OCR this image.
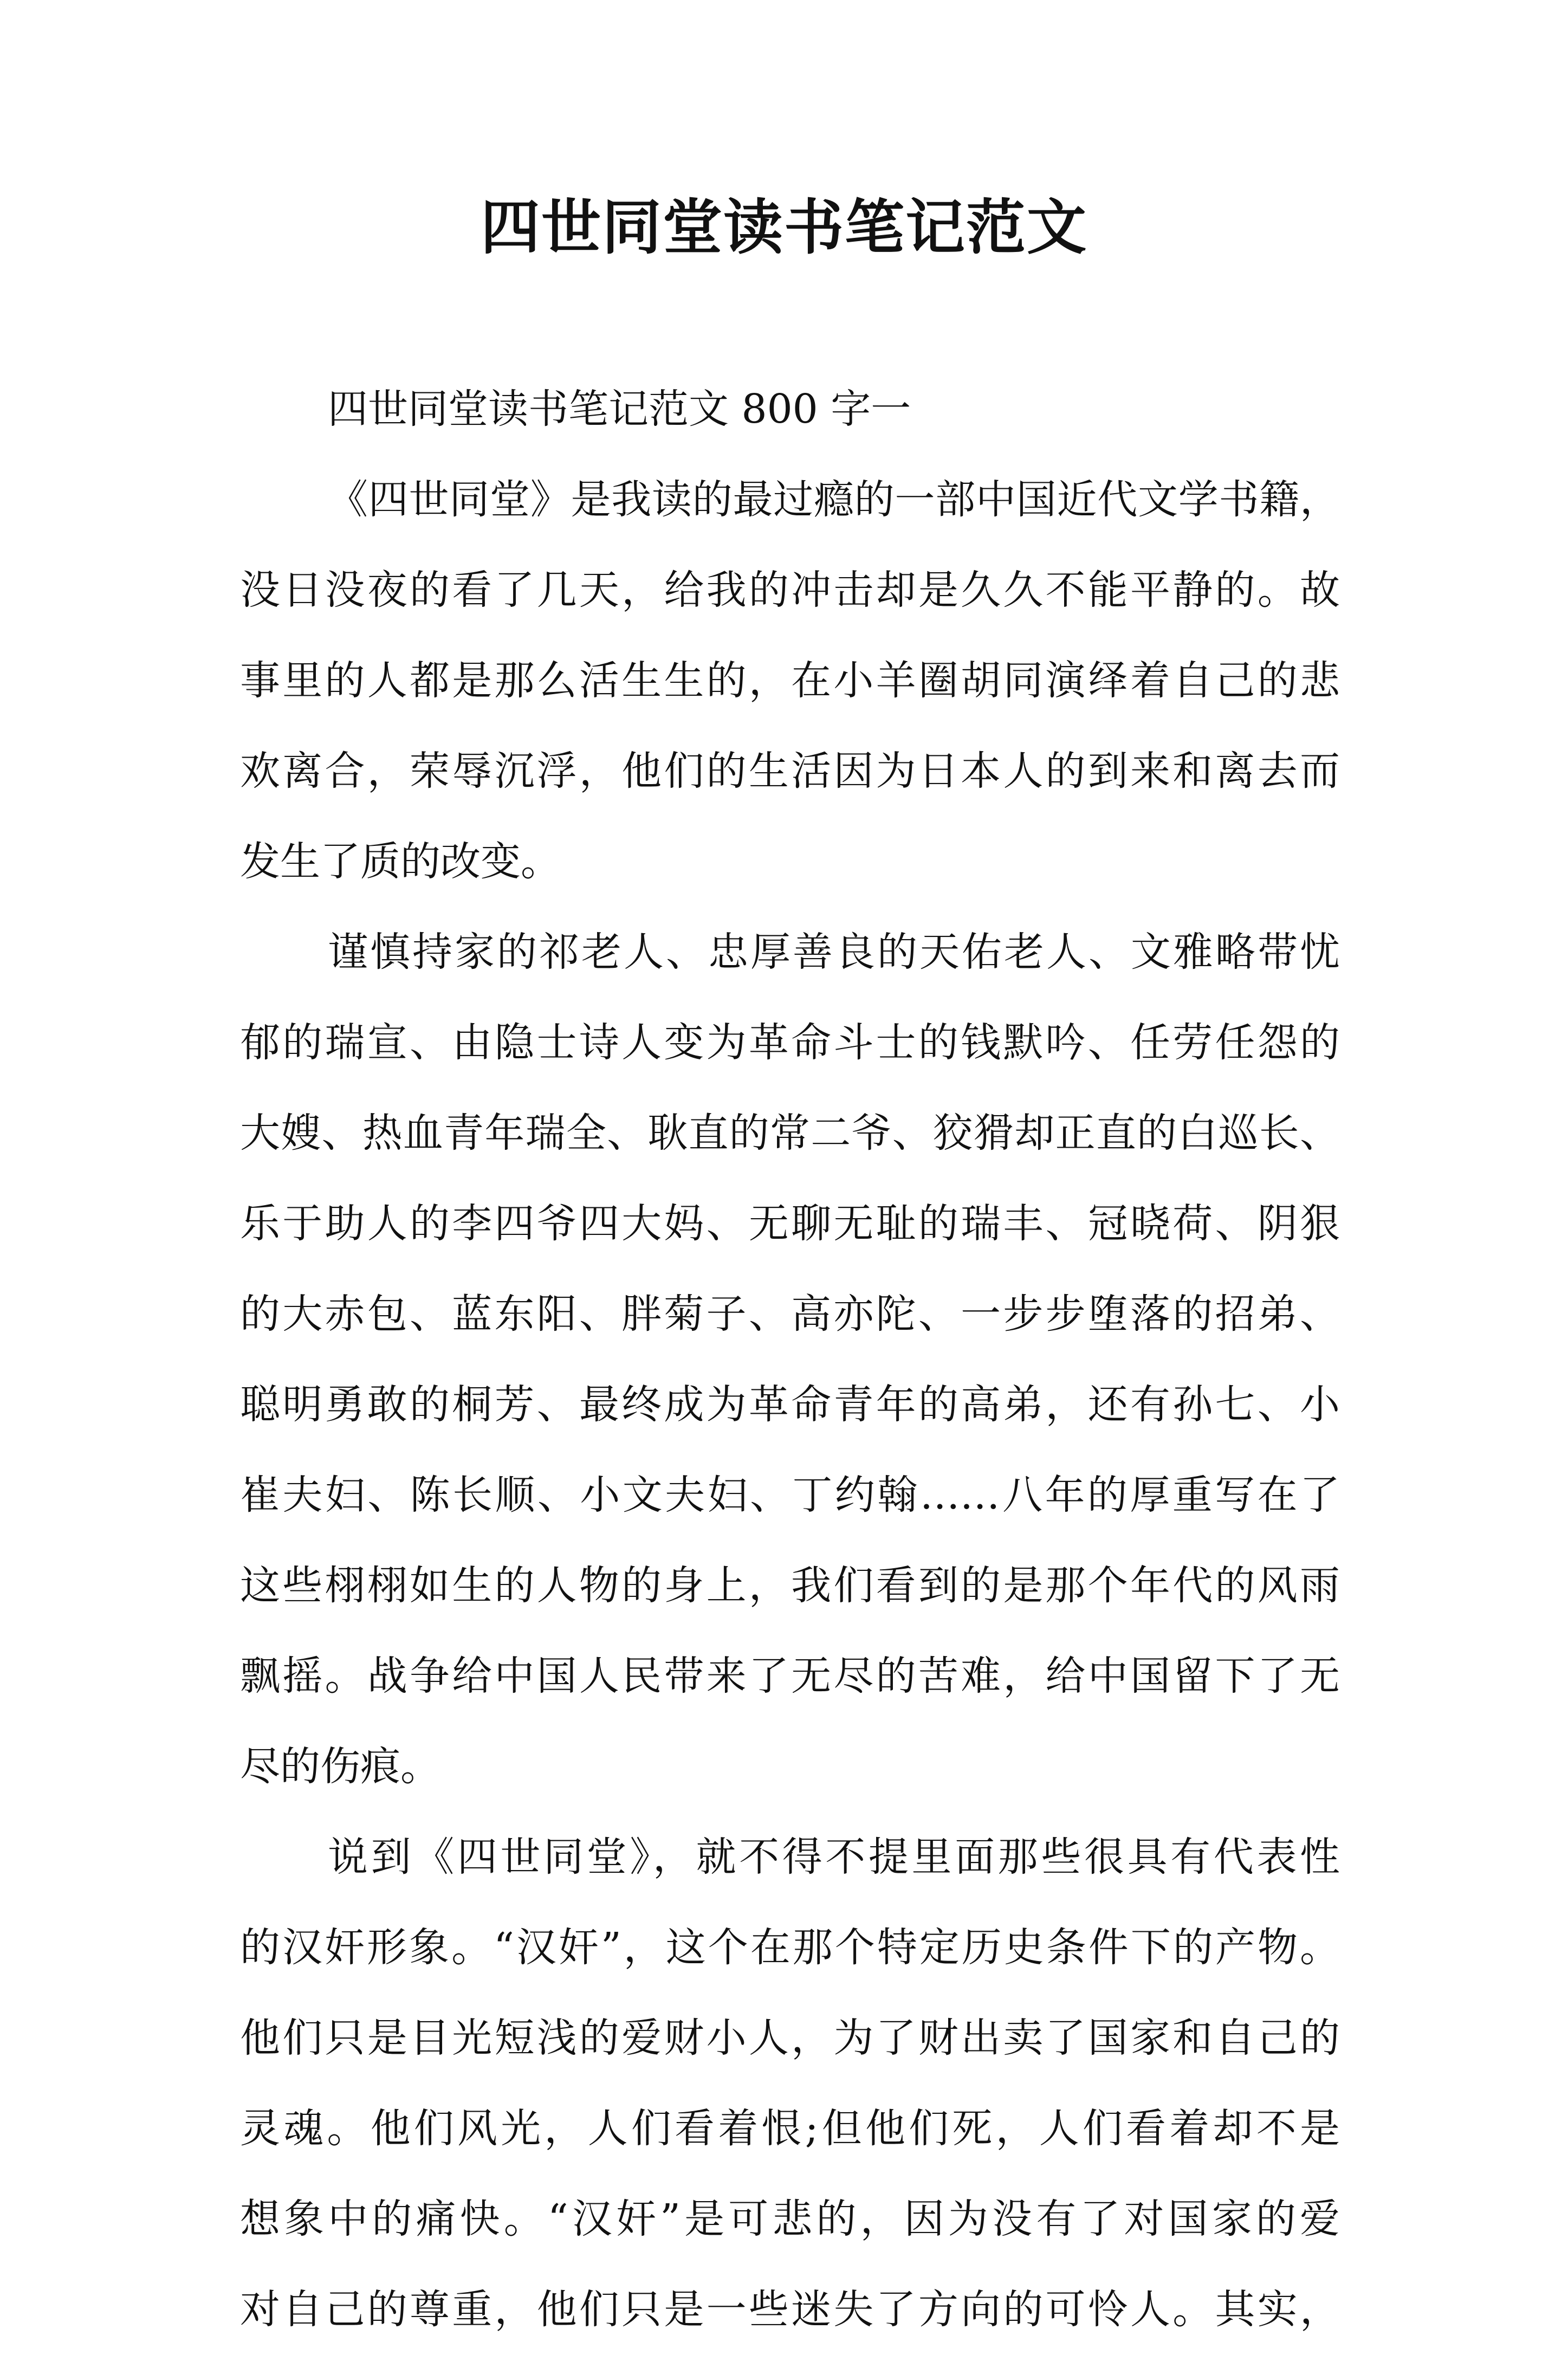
四世同堂读书笔记范文
四世同堂读书笔记范文 800 字一
《四世同堂》是我读的最过瘾的一部中国近代文学书籍，
没日没夜的看了几天，给我的冲击却是久久不能平静的。故
事里的人都是那么活生生的，在小羊圈胡同演绎着自己的悲
欢离合，荣辱沉浮，他们的生活因为日本人的到来和离去而
发生了质的改变。
谨慎持家的祁老人、忠厚善良的天佑老人、文雅略带忧
郁的瑞宣、由隐士诗人变为革命斗士的钱默吟、任劳任怨的
大嫂、热血青年瑞全、耿直的常二爷、狡猾却正直的白巡长、
乐于助人的李四爷四大妈、无聊无耻的瑞丰、冠晓荷、阴狠
的大赤包、蓝东阳、胖菊子、高亦陀、一步步堕落的招弟、
聪明勇敢的桐芳、最终成为革命青年的高弟，还有孙七、小
崔夫妇、陈长顺、小文夫妇、丁约翰……八年的厚重写在了
这些栩栩如生的人物的身上，我们看到的是那个年代的风雨
飘摇。战争给中国人民带来了无尽的苦难，给中国留下了无
尽的伤痕。
说到《四世同堂》，就不得不提里面那些很具有代表性
的汉奸形象。“汉奸”，这个在那个特定历史条件下的产物。
他们只是目光短浅的爱财小人，为了财出卖了国家和自己的
灵魂。他们风光，人们看着恨;但他们死，人们看着却不是
想象中的痛快。“汉奸”是可悲的，因为没有了对国家的爱
对自己的尊重，他们只是一些迷失了方向的可怜人。其实，
